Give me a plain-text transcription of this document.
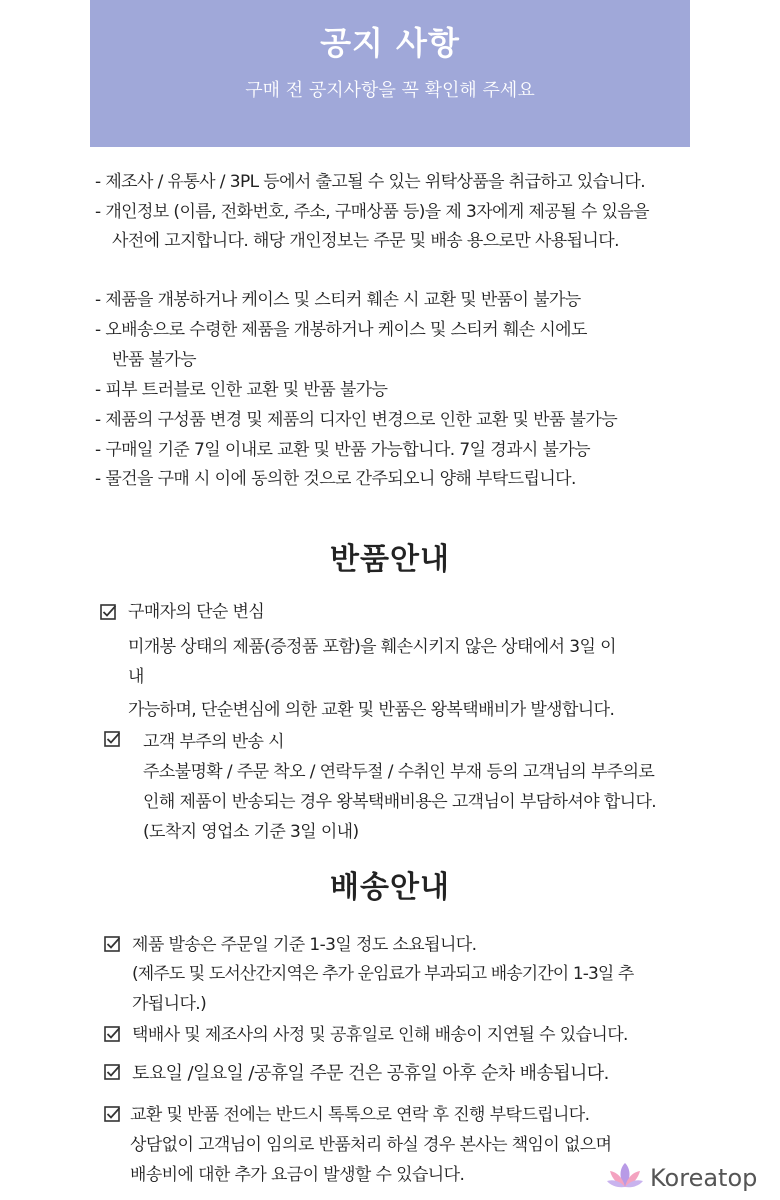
공지 사항
구매 전 공지사항을 꼭 확인해 주세요
- 제조사 / 유통사 / 3PL 등에서 출고될 수 있는 위탁상품을 취급하고 있습니다.
- 개인정보 (이름, 전화번호, 주소, 구매상품 등)을 제 3자에게 제공될 수 있음을
사전에 고지합니다. 해당 개인정보는 주문 및 배송 용으로만 사용됩니다.
- 제품을 개봉하거나 케이스 및 스티커 훼손 시 교환 및 반품이 불가능
- 오배송으로 수령한 제품을 개봉하거나 케이스 및 스티커 훼손 시에도
반품 불가능
- 피부 트러블로 인한 교환 및 반품 불가능
- 제품의 구성품 변경 및 제품의 디자인 변경으로 인한 교환 및 반품 불가능
- 구매일 기준 7일 이내로 교환 및 반품 가능합니다. 7일 경과시 불가능
- 물건을 구매 시 이에 동의한 것으로 간주되오니 양해 부탁드립니다.
반품안내
구매자의 단순 변심
미개봉 상태의 제품(증정품 포함)을 훼손시키지 않은 상태에서 3일 이
내
가능하며, 단순변심에 의한 교환 및 반품은 왕복택배비가 발생합니다.
고객 부주의 반송 시
주소불명확 / 주문 착오 / 연락두절 / 수취인 부재 등의 고객님의 부주의로
인해 제품이 반송되는 경우 왕복택배비용은 고객님이 부담하셔야 합니다.
(도착지 영업소 기준 3일 이내)
배송안내
제품 발송은 주문일 기준 1-3일 정도 소요됩니다.
(제주도 및 도서산간지역은 추가 운임료가 부과되고 배송기간이 1-3일 추
가됩니다.)
택배사 및 제조사의 사정 및 공휴일로 인해 배송이 지연될 수 있습니다.
토요일 /일요일 /공휴일 주문 건은 공휴일 아후 순차 배송됩니다.
교환 및 반품 전에는 반드시 톡톡으로 연락 후 진행 부탁드립니다.
상담없이 고객님이 임의로 반품처리 하실 경우 본사는 책임이 없으며
배송비에 대한 추가 요금이 발생할 수 있습니다.	Koreatop
